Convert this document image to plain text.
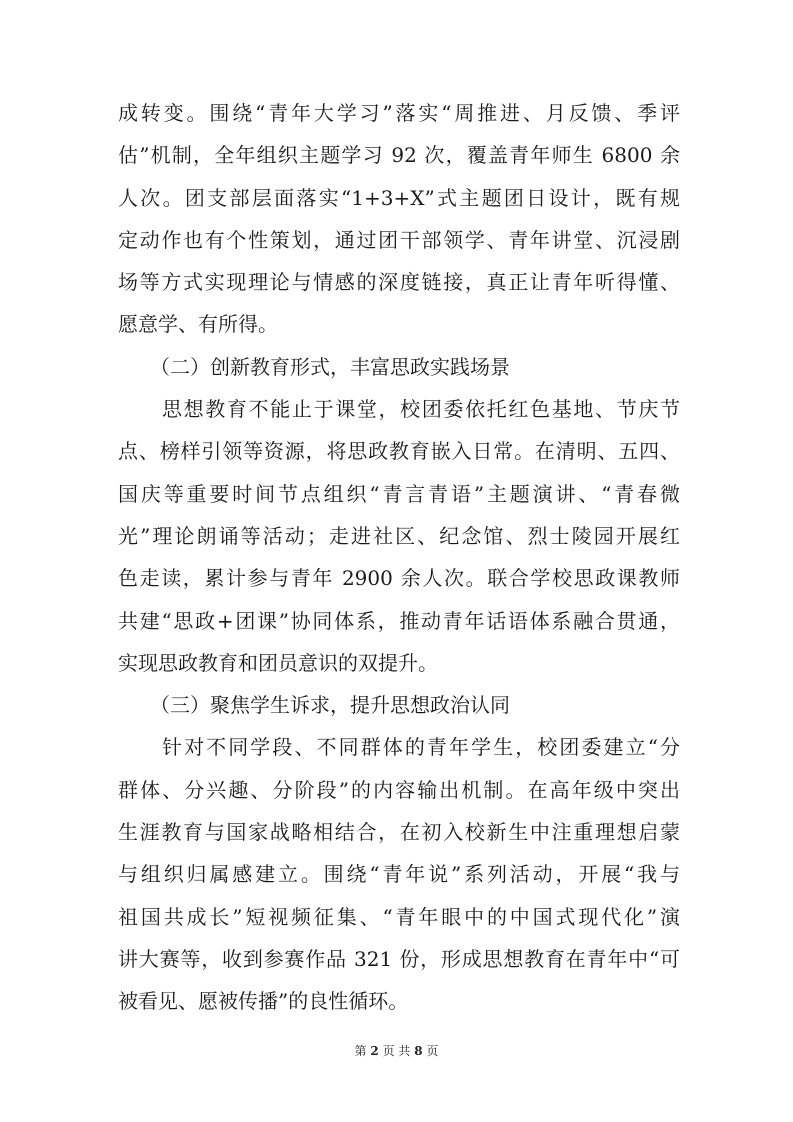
成转变。围绕“青年大学习”落实“周推进、月反馈、季评
估”机制，全年组织主题学习 92 次，覆盖青年师生 6800 余
人次。团支部层面落实“1+3+X”式主题团日设计，既有规
定动作也有个性策划，通过团干部领学、青年讲堂、沉浸剧
场等方式实现理论与情感的深度链接，真正让青年听得懂、
愿意学、有所得。
（二）创新教育形式，丰富思政实践场景
思想教育不能止于课堂，校团委依托红色基地、节庆节
点、榜样引领等资源，将思政教育嵌入日常。在清明、五四、
国庆等重要时间节点组织“青言青语”主题演讲、“青春微
光”理论朗诵等活动；走进社区、纪念馆、烈士陵园开展红
色走读，累计参与青年 2900 余人次。联合学校思政课教师
共建“思政+团课”协同体系，推动青年话语体系融合贯通，
实现思政教育和团员意识的双提升。
（三）聚焦学生诉求，提升思想政治认同
针对不同学段、不同群体的青年学生，校团委建立“分
群体、分兴趣、分阶段”的内容输出机制。在高年级中突出
生涯教育与国家战略相结合，在初入校新生中注重理想启蒙
与组织归属感建立。围绕“青年说”系列活动，开展“我与
祖国共成长”短视频征集、“青年眼中的中国式现代化”演
讲大赛等，收到参赛作品 321 份，形成思想教育在青年中“可
被看见、愿被传播”的良性循环。
第 2 页 共 8 页
